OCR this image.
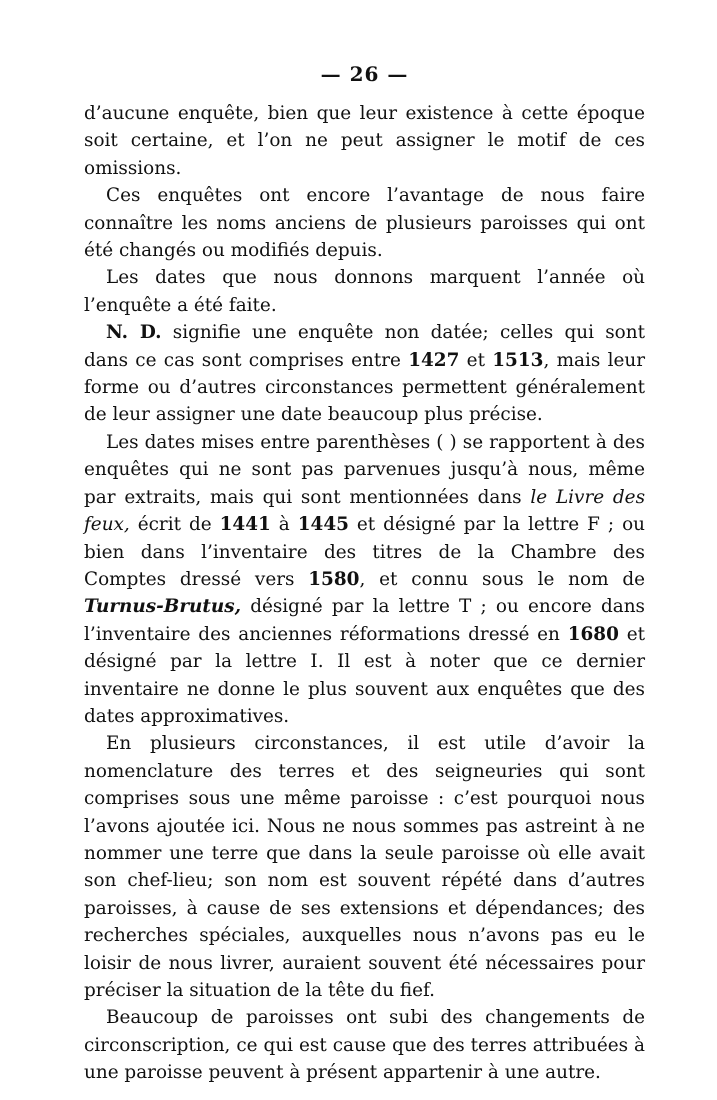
— 26 —

d’aucune enquête, bien que leur existence à cette époque soit certaine, et l’on ne peut assigner le motif de ces omissions.

Ces enquêtes ont encore l’avantage de nous faire connaître les noms anciens de plusieurs paroisses qui ont été changés ou modifiés depuis.

Les dates que nous donnons marquent l’année où l’enquête a été faite.

N. D. signifie une enquête non datée; celles qui sont dans ce cas sont comprises entre 1427 et 1513, mais leur forme ou d’autres circonstances permettent généralement de leur assigner une date beaucoup plus précise.

Les dates mises entre parenthèses ( ) se rapportent à des enquêtes qui ne sont pas parvenues jusqu’à nous, même par extraits, mais qui sont mentionnées dans le Livre des feux, écrit de 1441 à 1445 et désigné par la lettre F ; ou bien dans l’inventaire des titres de la Chambre des Comptes dressé vers 1580, et connu sous le nom de Turnus-Brutus, désigné par la lettre T ; ou encore dans l’inventaire des anciennes réformations dressé en 1680 et désigné par la lettre I. Il est à noter que ce dernier inventaire ne donne le plus souvent aux enquêtes que des dates approximatives.

En plusieurs circonstances, il est utile d’avoir la nomenclature des terres et des seigneuries qui sont comprises sous une même paroisse : c’est pourquoi nous l’avons ajoutée ici. Nous ne nous sommes pas astreint à ne nommer une terre que dans la seule paroisse où elle avait son chef-lieu; son nom est souvent répété dans d’autres paroisses, à cause de ses extensions et dépendances; des recherches spéciales, auxquelles nous n’avons pas eu le loisir de nous livrer, auraient souvent été nécessaires pour préciser la situation de la tête du fief.

Beaucoup de paroisses ont subi des changements de circonscription, ce qui est cause que des terres attribuées à une paroisse peuvent à présent appartenir à une autre.
